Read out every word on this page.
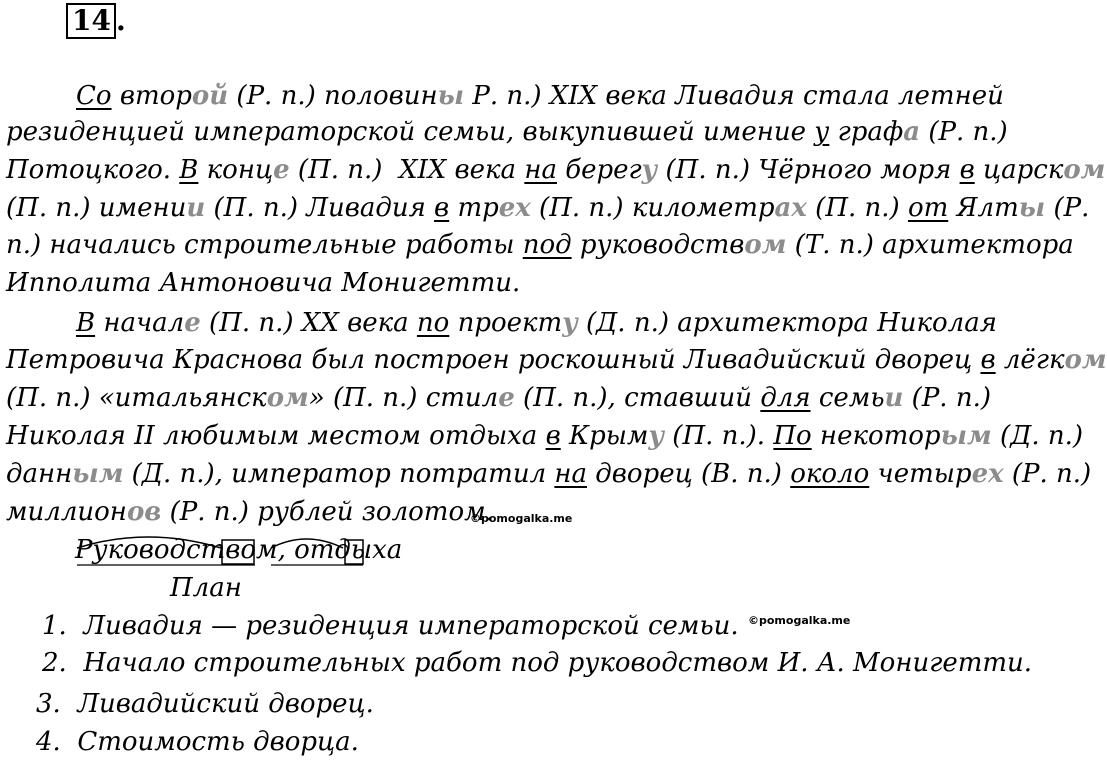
14 .
Со второй (Р. п.) половины Р. п.) XIX века Ливадия стала летней
резиденцией императорской семьи, выкупившей имение у графа (Р. п.)
Потоцкого. В конце (П. п.)  XIX века на берегу (П. п.) Чёрного моря в царском
(П. п.) имении (П. п.) Ливадия в трех (П. п.) километрах (П. п.) от Ялты (Р.
п.) начались строительные работы под руководством (Т. п.) архитектора
Ипполита Антоновича Монигетти.
В начале (П. п.) XX века по проекту (Д. п.) архитектора Николая
Петровича Краснова был построен роскошный Ливадийский дворец в лёгком
(П. п.) «итальянском» (П. п.) стиле (П. п.), ставший для семьи (Р. п.)
Николая II любимым местом отдыха в Крыму (П. п.). По некоторым (Д. п.)
данным (Д. п.), император потратил на дворец (В. п.) около четырех (Р. п.)
миллионов (Р. п.) рублей золотом.
©pomogalka.me
Руководством, отдыха
План
©pomogalka.me
1. Ливадия — резиденция императорской семьи.
2. Начало строительных работ под руководством И. А. Монигетти.
3. Ливадийский дворец.
4. Стоимость дворца.
